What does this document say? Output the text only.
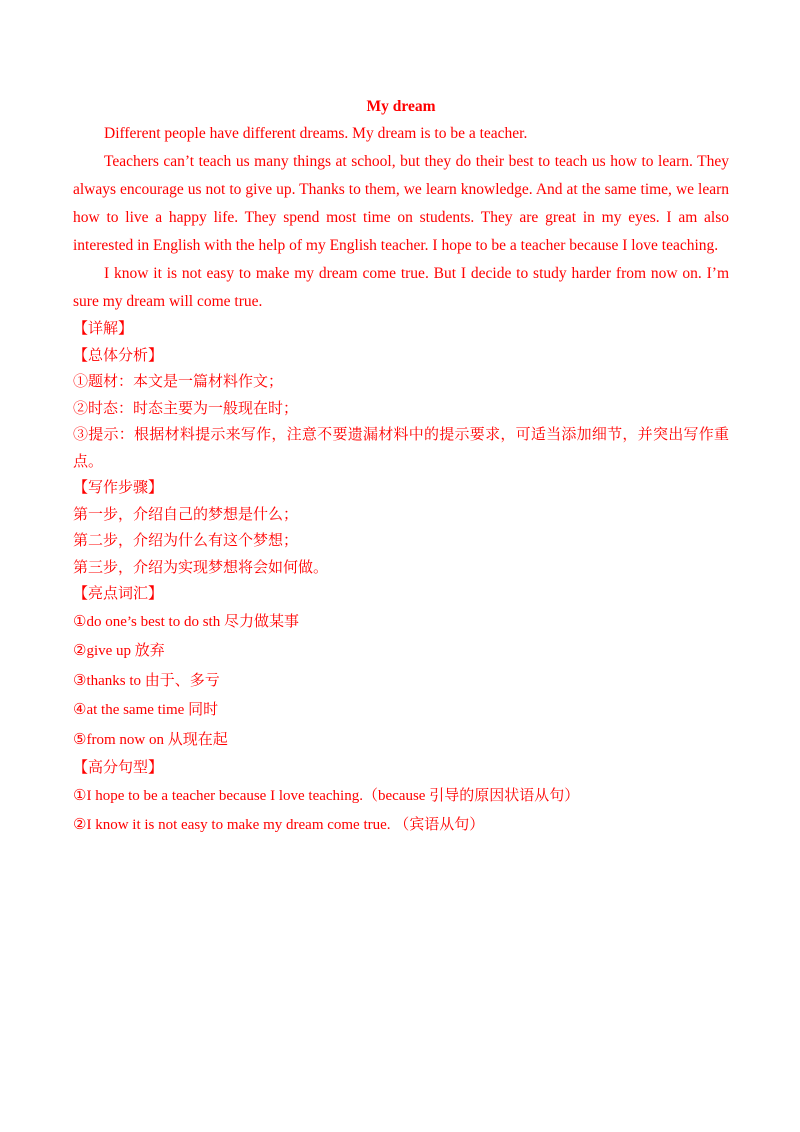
My dream

Different people have different dreams. My dream is to be a teacher.

Teachers can’t teach us many things at school, but they do their best to teach us how to learn. They always encourage us not to give up. Thanks to them, we learn knowledge. And at the same time, we learn how to live a happy life. They spend most time on students. They are great in my eyes. I am also interested in English with the help of my English teacher. I hope to be a teacher because I love teaching.

I know it is not easy to make my dream come true. But I decide to study harder from now on. I’m sure my dream will come true.

【详解】
【总体分析】
①题材：本文是一篇材料作文；
②时态：时态主要为一般现在时；
③提示：根据材料提示来写作，注意不要遗漏材料中的提示要求，可适当添加细节，并突出写作重点。
【写作步骤】
第一步，介绍自己的梦想是什么；
第二步，介绍为什么有这个梦想；
第三步，介绍为实现梦想将会如何做。
【亮点词汇】
①do one’s best to do sth 尽力做某事
②give up 放弃
③thanks to 由于、多亏
④at the same time 同时
⑤from now on 从现在起
【高分句型】
①I hope to be a teacher because I love teaching.（because 引导的原因状语从句）
②I know it is not easy to make my dream come true. （宾语从句）
